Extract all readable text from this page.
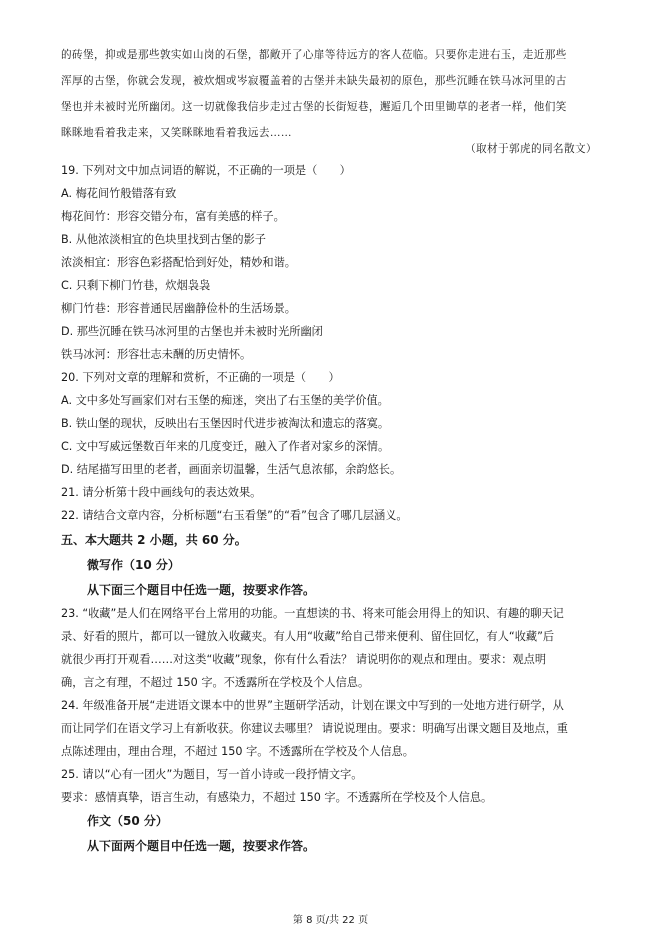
的砖堡，抑或是那些敦实如山岗的石堡，都敞开了心扉等待远方的客人莅临。只要你走进右玉，走近那些
浑厚的古堡，你就会发现，被炊烟或岑寂覆盖着的古堡并未缺失最初的原色，那些沉睡在铁马冰河里的古
堡也并未被时光所幽闭。这一切就像我信步走过古堡的长街短巷，邂逅几个田里锄草的老者一样，他们笑
眯眯地看着我走来，又笑眯眯地看着我远去……
（取材于郭虎的同名散文）
19. 下列对文中加点词语的解说，不正确的一项是（　　）
A. 梅花间竹般错落有致
梅花间竹：形容交错分布，富有美感的样子。
B. 从他浓淡相宜的色块里找到古堡的影子
浓淡相宜：形容色彩搭配恰到好处，精妙和谐。
C. 只剩下柳门竹巷，炊烟袅袅
柳门竹巷：形容普通民居幽静俭朴的生活场景。
D. 那些沉睡在铁马冰河里的古堡也并未被时光所幽闭
铁马冰河：形容壮志未酬的历史情怀。
20. 下列对文章的理解和赏析，不正确的一项是（　　）
A. 文中多处写画家们对右玉堡的痴迷，突出了右玉堡的美学价值。
B. 铁山堡的现状，反映出右玉堡因时代进步被淘汰和遗忘的落寞。
C. 文中写威远堡数百年来的几度变迁，融入了作者对家乡的深情。
D. 结尾描写田里的老者，画面亲切温馨，生活气息浓郁，余韵悠长。
21. 请分析第十段中画线句的表达效果。
22. 请结合文章内容，分析标题“右玉看堡”的“看”包含了哪几层涵义。
五、本大题共 2 小题，共 60 分。
微写作（10 分）
从下面三个题目中任选一题，按要求作答。
23. “收藏”是人们在网络平台上常用的功能。一直想读的书、将来可能会用得上的知识、有趣的聊天记
录、好看的照片，都可以一键放入收藏夹。有人用“收藏”给自己带来便利、留住回忆，有人“收藏”后
就很少再打开观看……对这类“收藏”现象，你有什么看法？ 请说明你的观点和理由。要求：观点明
确，言之有理，不超过 150 字。不透露所在学校及个人信息。
24. 年级准备开展“走进语文课本中的世界”主题研学活动，计划在课文中写到的一处地方进行研学，从
而让同学们在语文学习上有新收获。你建议去哪里？ 请说说理由。要求：明确写出课文题目及地点，重
点陈述理由，理由合理，不超过 150 字。不透露所在学校及个人信息。
25. 请以“心有一团火”为题目，写一首小诗或一段抒情文字。
要求：感情真挚，语言生动，有感染力，不超过 150 字。不透露所在学校及个人信息。
作文（50 分）
从下面两个题目中任选一题，按要求作答。
第 8 页/共 22 页
